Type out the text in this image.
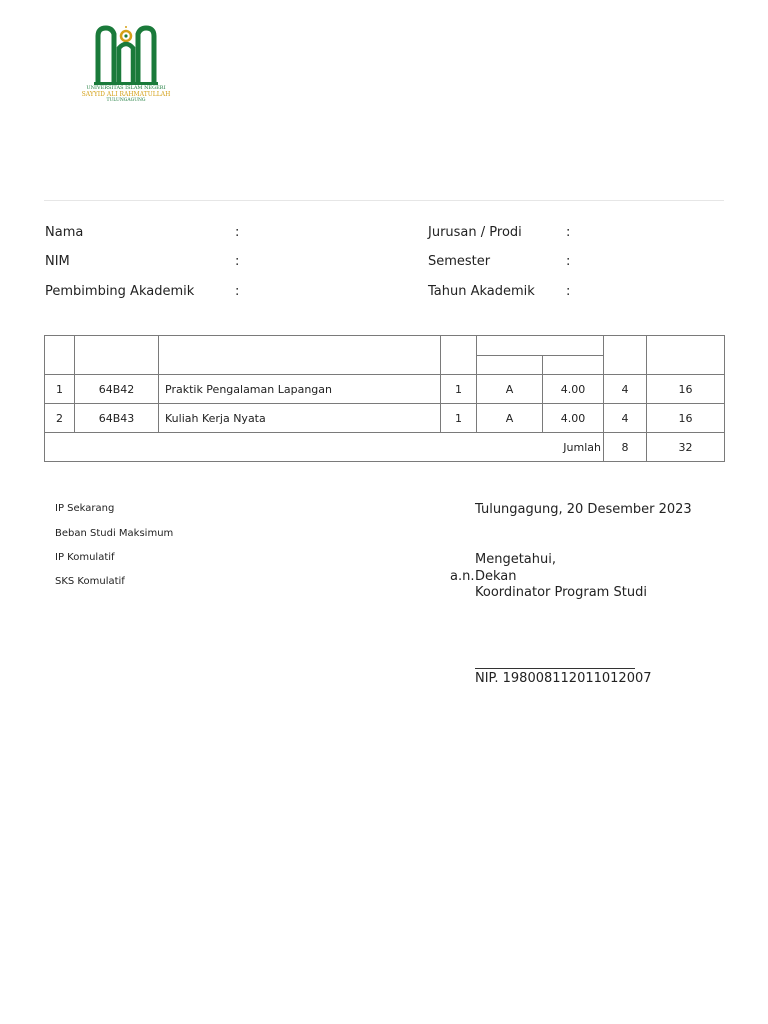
UNIVERSITAS ISLAM NEGERI
SAYYID ALI RAHMATULLAH
TULUNGAGUNG
Nama	:
NIM	:
Pembimbing Akademik	:
Jurusan / Prodi	:
Semester	:
Tahun Akademik :

1	64B42	Praktik Pengalaman Lapangan	1	A	4.00	4	16
2	64B43	Kuliah Kerja Nyata	1	A	4.00	4	16
Jumlah						8	32
IP Sekarang
Beban Studi Maksimum
IP Komulatif
SKS Komulatif
Tulungagung, 20 Desember 2023
Mengetahui,
a.n. Dekan
Koordinator Program Studi
NIP. 198008112011012007
